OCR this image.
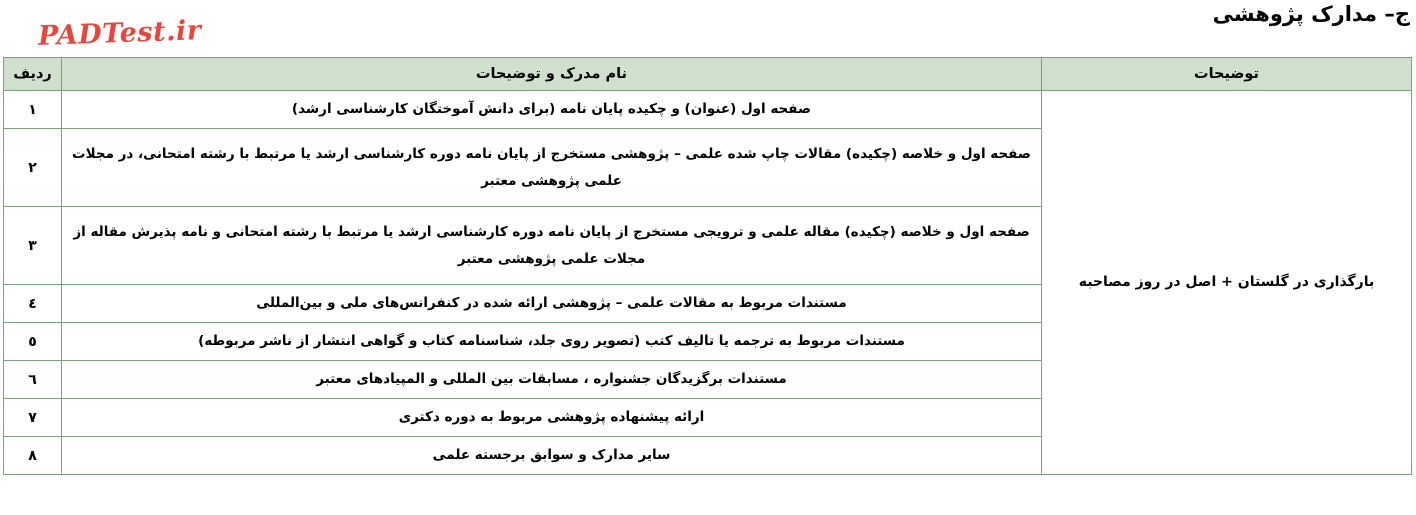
ج– مدارک پژوهشی
PADTest.ir
توضیحات	نام مدرک و توضیحات	ردیف
بارگذاری در گلستان + اصل در روز مصاحبه	صفحه اول (عنوان) و چکیده پایان نامه (برای دانش آموختگان کارشناسی ارشد)	١
	صفحه اول و خلاصه (چکیده) مقالات چاپ شده علمی – پژوهشی مستخرج از پایان نامه دوره کارشناسی ارشد یا مرتبط با رشته امتحانی، در مجلات علمی پژوهشی معتبر	٢
	صفحه اول و خلاصه (چکیده) مقاله علمی و ترویجی مستخرج از پایان نامه دوره کارشناسی ارشد یا مرتبط با رشته امتحانی و نامه پذیرش مقاله از مجلات علمی پژوهشی معتبر	٣
	مستندات مربوط به مقالات علمی – پژوهشی ارائه شده در کنفرانس‌های ملی و بین‌المللی	٤
	مستندات مربوط به ترجمه یا تالیف کتب (تصویر روی جلد، شناسنامه کتاب و گواهی انتشار از ناشر مربوطه)	٥
	مستندات برگزیدگان جشنواره ، مسابقات بین المللی و المپیادهای معتبر	٦
	ارائه پیشنهاده پژوهشی مربوط به دوره دکتری	٧
	سایر مدارک و سوابق برجسته علمی	٨
